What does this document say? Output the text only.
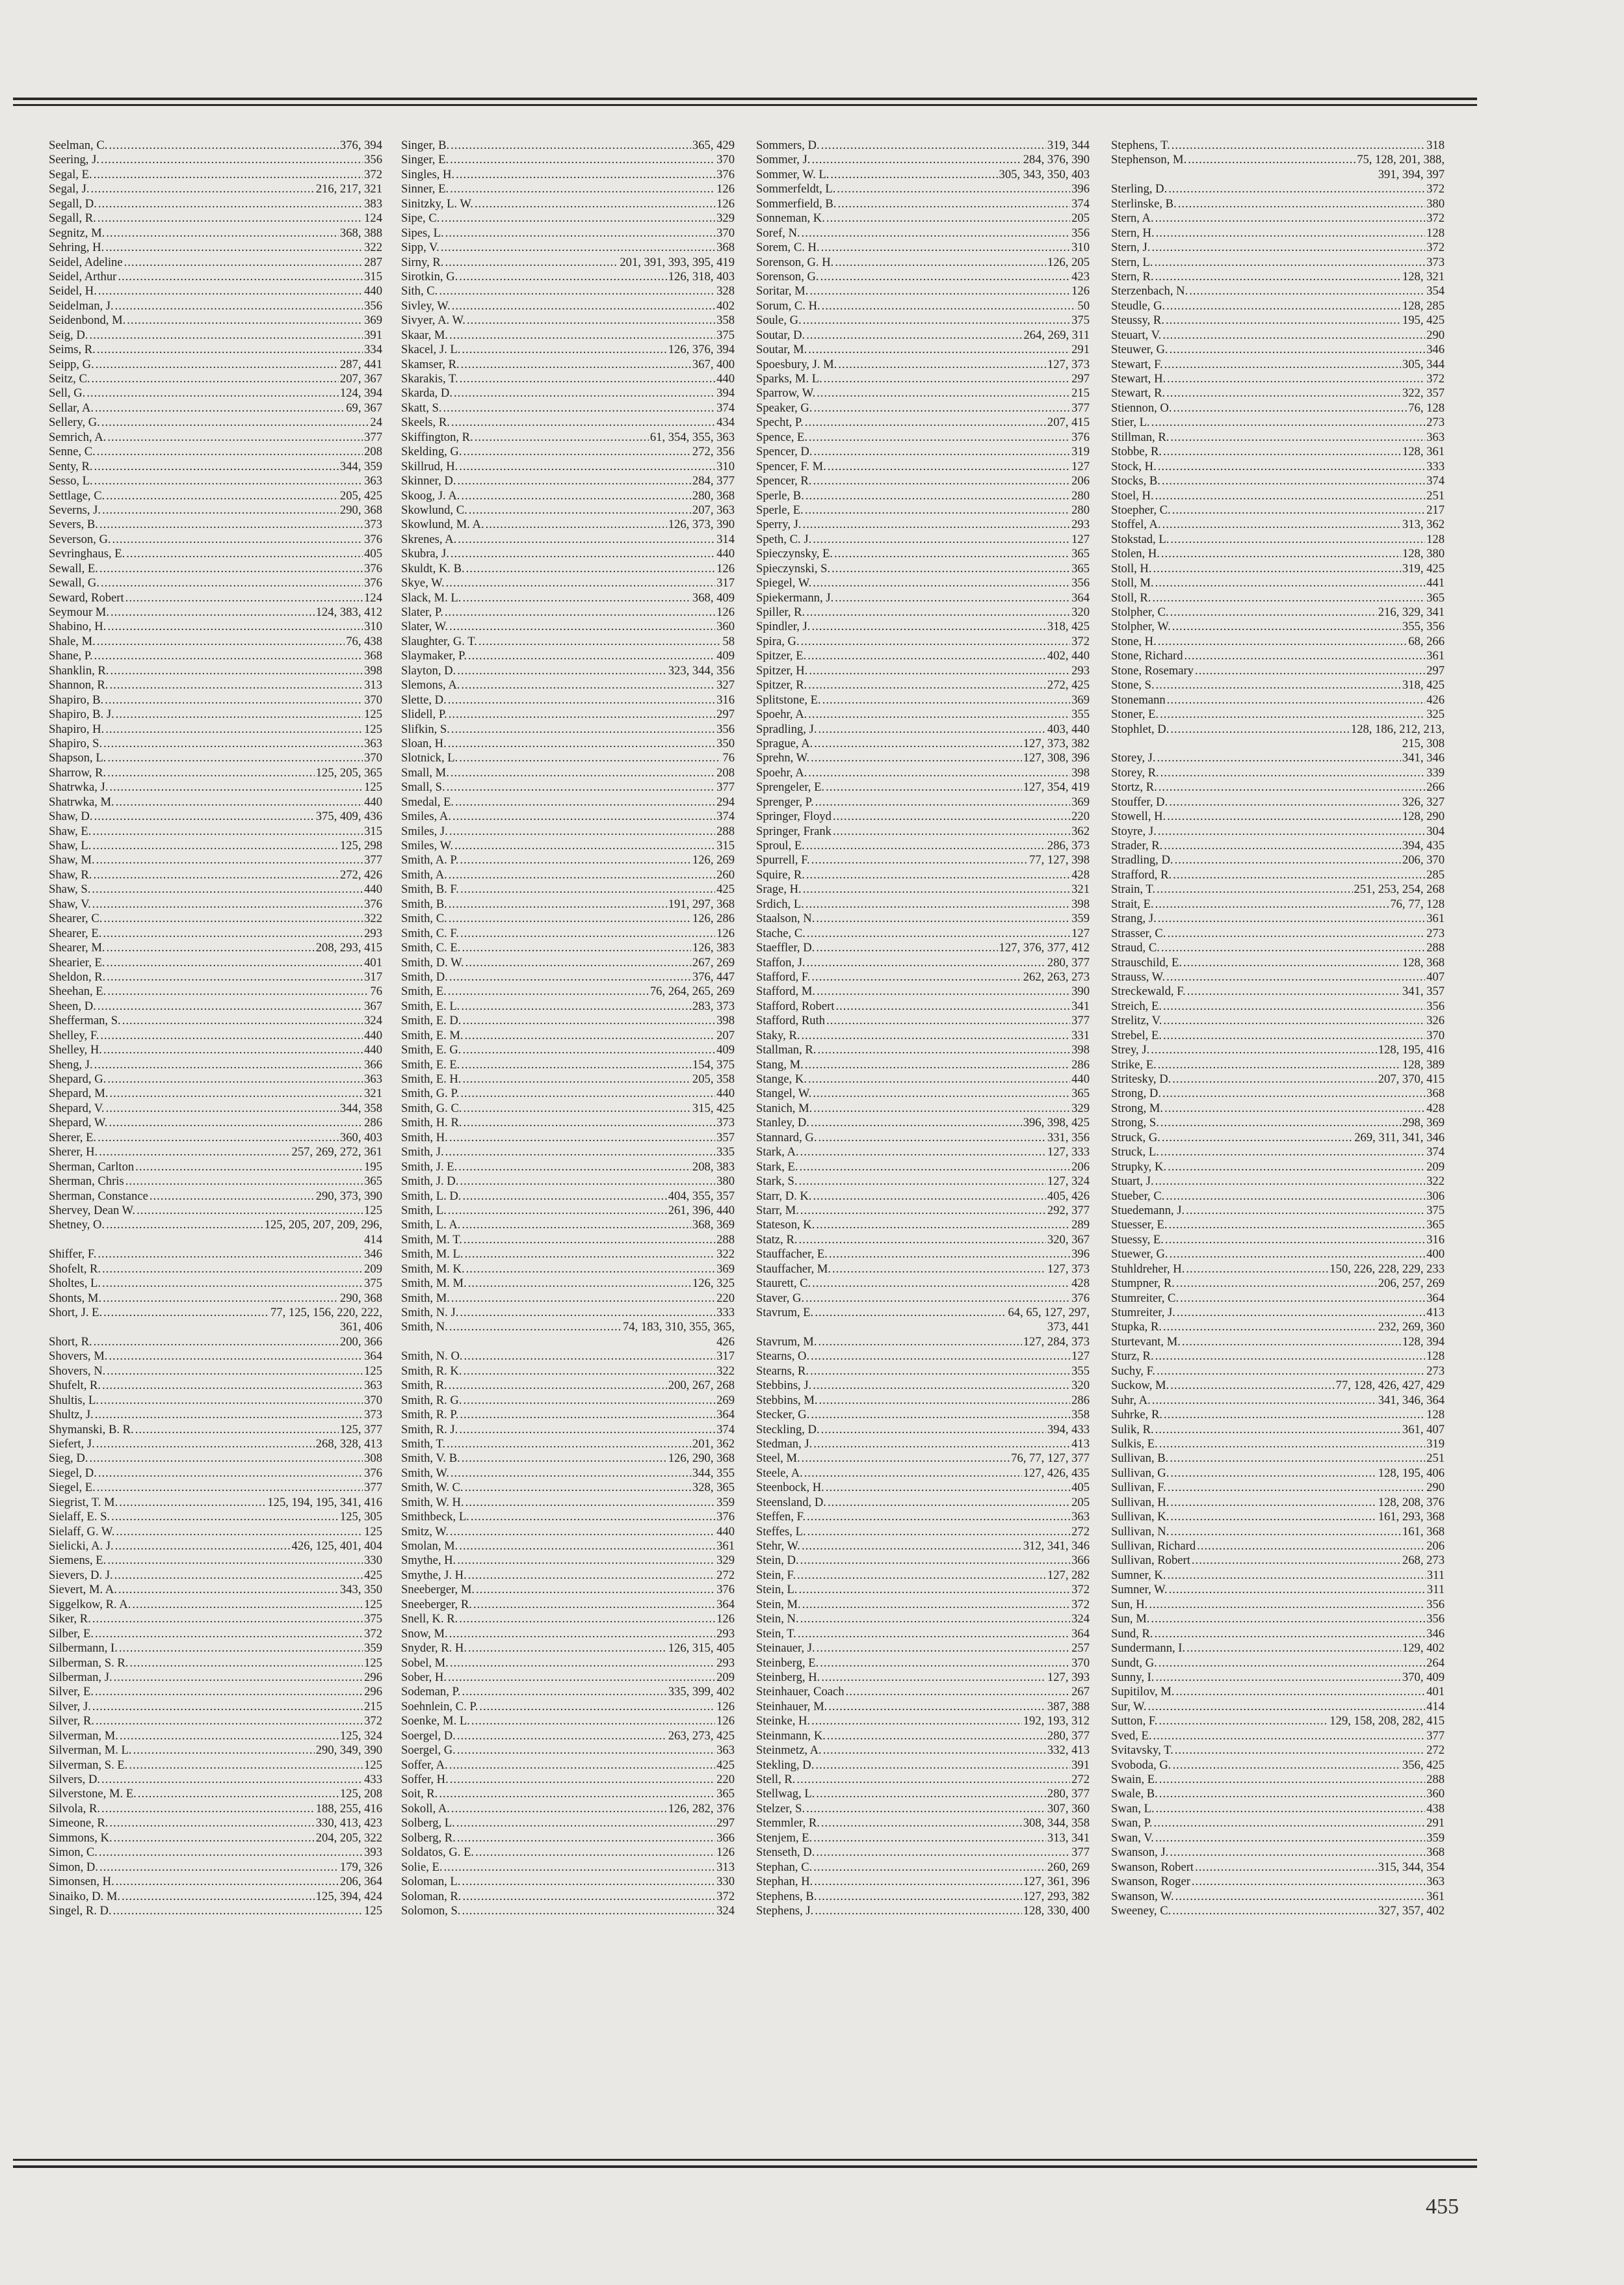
Seelman, C. .....	376, 394
Seering, J. .....	356
Segal, E. .....	372
Segal, J. .....	216, 217, 321
Segall, D. .....	383
Segall, R. .....	124
Segnitz, M. .....	368, 388
Sehring, H. .....	322
Seidel, Adeline .....	287
Seidel, Arthur .....	315
Seidel, H. .....	440
Seidelman, J. .....	356
Seidenbond, M. .....	369
Seig, D. .....	391
Seims, R. .....	334
Seipp, G. .....	287, 441
Seitz, C. .....	207, 367
Sell, G. .....	124, 394
Sellar, A. .....	69, 367
Sellery, G. .....	24
Semrich, A. .....	377
Senne, C. .....	208
Senty, R. .....	344, 359
Sesso, L. .....	363
Settlage, C. .....	205, 425
Severns, J. .....	290, 368
Severs, B. .....	373
Severson, G. .....	376
Sevringhaus, E. .....	405
Sewall, E. .....	376
Sewall, G. .....	376
Seward, Robert .....	124
Seymour M. .....	124, 383, 412
Shabino, H. .....	310
Shale, M. .....	76, 438
Shane, P. .....	368
Shanklin, R. .....	398
Shannon, R. .....	313
Shapiro, B. .....	370
Shapiro, B. J. .....	125
Shapiro, H. .....	125
Shapiro, S. .....	363
Shapson, L. .....	370
Sharrow, R. .....	125, 205, 365
Shatrwka, J. .....	125
Shatrwka, M. .....	440
Shaw, D. .....	375, 409, 436
Shaw, E. .....	315
Shaw, L. .....	125, 298
Shaw, M. .....	377
Shaw, R. .....	272, 426
Shaw, S. .....	440
Shaw, V. .....	376
Shearer, C. .....	322
Shearer, E. .....	293
Shearer, M. .....	208, 293, 415
Shearier, E. .....	401
Sheldon, R. .....	317
Sheehan, E. .....	76
Sheen, D. .....	367
Shefferman, S. .....	324
Shelley, F. .....	440
Shelley, H. .....	440
Sheng, J. .....	366
Shepard, G. .....	363
Shepard, M. .....	321
Shepard, V. .....	344, 358
Shepard, W. .....	286
Sherer, E. .....	360, 403
Sherer, H. .....	257, 269, 272, 361
Sherman, Carlton .....	195
Sherman, Chris .....	365
Sherman, Constance .....	290, 373, 390
Shervey, Dean W. .....	125
Shetney, O. .....	125, 205, 207, 209, 296,
414
Shiffer, F. .....	346
Shofelt, R. .....	209
Sholtes, L. .....	375
Shonts, M. .....	290, 368
Short, J. E. .....	77, 125, 156, 220, 222,
361, 406
Short, R. .....	200, 366
Shovers, M. .....	364
Shovers, N. .....	125
Shufelt, R. .....	363
Shultis, L. .....	370
Shultz, J. .....	373
Shymanski, B. R. .....	125, 377
Siefert, J. .....	268, 328, 413
Sieg, D. .....	308
Siegel, D. .....	376
Siegel, E. .....	377
Siegrist, T. M. .....	125, 194, 195, 341, 416
Sielaff, E. S. .....	125, 305
Sielaff, G. W. .....	125
Sielicki, A. J. .....	426, 125, 401, 404
Siemens, E. .....	330
Sievers, D. J. .....	425
Sievert, M. A. .....	343, 350
Siggelkow, R. A. .....	125
Siker, R. .....	375
Silber, E. .....	372
Silbermann, I. .....	359
Silberman, S. R. .....	125
Silberman, J. .....	296
Silver, E. .....	296
Silver, J. .....	215
Silver, R. .....	372
Silverman, M. .....	125, 324
Silverman, M. L. .....	290, 349, 390
Silverman, S. E. .....	125
Silvers, D. .....	433
Silverstone, M. E. .....	125, 208
Silvola, R. .....	188, 255, 416
Simeone, R. .....	330, 413, 423
Simmons, K. .....	204, 205, 322
Simon, C. .....	393
Simon, D. .....	179, 326
Simonsen, H. .....	206, 364
Sinaiko, D. M. .....	125, 394, 424
Singel, R. D. .....	125
Singer, B. .....	365, 429
Singer, E. .....	370
Singles, H. .....	376
Sinner, E. .....	126
Sinitzky, L. W. .....	126
Sipe, C. .....	329
Sipes, L. .....	370
Sipp, V. .....	368
Sirny, R. .....	201, 391, 393, 395, 419
Sirotkin, G. .....	126, 318, 403
Sith, C. .....	328
Sivley, W. .....	402
Sivyer, A. W. .....	358
Skaar, M. .....	375
Skacel, J. L. .....	126, 376, 394
Skamser, R. .....	367, 400
Skarakis, T. .....	440
Skarda, D. .....	394
Skatt, S. .....	374
Skeels, R. .....	434
Skiffington, R. .....	61, 354, 355, 363
Skelding, G. .....	272, 356
Skillrud, H. .....	310
Skinner, D. .....	284, 377
Skoog, J. A. .....	280, 368
Skowlund, C. .....	207, 363
Skowlund, M. A. .....	126, 373, 390
Skrenes, A. .....	314
Skubra, J. .....	440
Skuldt, K. B. .....	126
Skye, W. .....	317
Slack, M. L. .....	368, 409
Slater, P. .....	126
Slater, W. .....	360
Slaughter, G. T. .....	58
Slaymaker, P. .....	409
Slayton, D. .....	323, 344, 356
Slemons, A. .....	327
Slette, D. .....	316
Slidell, P. .....	297
Slifkin, S. .....	356
Sloan, H. .....	350
Slotnick, L. .....	76
Small, M. .....	208
Small, S. .....	377
Smedal, E. .....	294
Smiles, A. .....	374
Smiles, J. .....	288
Smiles, W. .....	315
Smith, A. P. .....	126, 269
Smith, A. .....	260
Smith, B. F. .....	425
Smith, B. .....	191, 297, 368
Smith, C. .....	126, 286
Smith, C. F. .....	126
Smith, C. E. .....	126, 383
Smith, D. W. .....	267, 269
Smith, D. .....	376, 447
Smith, E. .....	76, 264, 265, 269
Smith, E. L. .....	283, 373
Smith, E. D. .....	398
Smith, E. M. .....	207
Smith, E. G. .....	409
Smith, E. E. .....	154, 375
Smith, E. H. .....	205, 358
Smith, G. P. .....	440
Smith, G. C. .....	315, 425
Smith, H. R. .....	373
Smith, H. .....	357
Smith, J. .....	335
Smith, J. E. .....	208, 383
Smith, J. D. .....	380
Smith, L. D. .....	404, 355, 357
Smith, L. .....	261, 396, 440
Smith, L. A. .....	368, 369
Smith, M. T. .....	288
Smith, M. L. .....	322
Smith, M. K. .....	369
Smith, M. M. .....	126, 325
Smith, M. .....	220
Smith, N. J. .....	333
Smith, N. .....	74, 183, 310, 355, 365,
426
Smith, N. O. .....	317
Smith, R. K. .....	322
Smith, R. .....	200, 267, 268
Smith, R. G. .....	269
Smith, R. P. .....	364
Smith, R. J. .....	374
Smith, T. .....	201, 362
Smith, V. B. .....	126, 290, 368
Smith, W. .....	344, 355
Smith, W. C. .....	328, 365
Smith, W. H. .....	359
Smithbeck, L. .....	376
Smitz, W. .....	440
Smolan, M. .....	361
Smythe, H. .....	329
Smythe, J. H. .....	272
Sneeberger, M. .....	376
Sneeberger, R. .....	364
Snell, K. R. .....	126
Snow, M. .....	293
Snyder, R. H. .....	126, 315, 405
Sobel, M. .....	293
Sober, H. .....	209
Sodeman, P. .....	335, 399, 402
Soehnlein, C. P. .....	126
Soenke, M. L. .....	126
Soergel, D. .....	263, 273, 425
Soergel, G. .....	363
Soffer, A. .....	425
Soffer, H. .....	220
Soit, R. .....	365
Sokoll, A. .....	126, 282, 376
Solberg, L. .....	297
Solberg, R. .....	366
Soldatos, G. E. .....	126
Solie, E. .....	313
Soloman, L. .....	330
Soloman, R. .....	372
Solomon, S. .....	324
Sommers, D. .....	319, 344
Sommer, J. .....	284, 376, 390
Sommer, W. L. .....	305, 343, 350, 403
Sommerfeldt, L. .....	396
Sommerfield, B. .....	374
Sonneman, K. .....	205
Soref, N. .....	356
Sorem, C. H. .....	310
Sorenson, G. H. .....	126, 205
Sorenson, G. .....	423
Soritar, M. .....	126
Sorum, C. H. .....	50
Soule, G. .....	375
Soutar, D. .....	264, 269, 311
Soutar, M. .....	291
Spoesbury, J. M. .....	127, 373
Sparks, M. L. .....	297
Sparrow, W. .....	215
Speaker, G. .....	377
Specht, P. .....	207, 415
Spence, E. .....	376
Spencer, D. .....	319
Spencer, F. M. .....	127
Spencer, R. .....	206
Sperle, B. .....	280
Sperle, E. .....	280
Sperry, J. .....	293
Speth, C. J. .....	127
Spieczynsky, E. .....	365
Spieczynski, S. .....	365
Spiegel, W. .....	356
Spiekermann, J. .....	364
Spiller, R. .....	320
Spindler, J. .....	318, 425
Spira, G. .....	372
Spitzer, E. .....	402, 440
Spitzer, H. .....	293
Spitzer, R. .....	272, 425
Splitstone, E. .....	369
Spoehr, A. .....	355
Spradling, J. .....	403, 440
Sprague, A. .....	127, 373, 382
Sprehn, W. .....	127, 308, 396
Spoehr, A. .....	398
Sprengeler, E. .....	127, 354, 419
Sprenger, P. .....	369
Springer, Floyd .....	220
Springer, Frank .....	362
Sproul, E. .....	286, 373
Spurrell, F. .....	77, 127, 398
Squire, R. .....	428
Srage, H. .....	321
Srdich, L. .....	398
Staalson, N. .....	359
Stache, C. .....	127
Staeffler, D. .....	127, 376, 377, 412
Staffon, J. .....	280, 377
Stafford, F. .....	262, 263, 273
Stafford, M. .....	390
Stafford, Robert .....	341
Stafford, Ruth .....	377
Staky, R. .....	331
Stallman, R. .....	398
Stang, M. .....	286
Stange, K. .....	440
Stangel, W. .....	365
Stanich, M. .....	329
Stanley, D. .....	396, 398, 425
Stannard, G. .....	331, 356
Stark, A. .....	127, 333
Stark, E. .....	206
Stark, S. .....	127, 324
Starr, D. K. .....	405, 426
Starr, M. .....	292, 377
Stateson, K. .....	289
Statz, R. .....	320, 367
Stauffacher, E. .....	396
Stauffacher, M. .....	127, 373
Staurett, C. .....	428
Staver, G. .....	376
Stavrum, E. .....	64, 65, 127, 297,
373, 441
Stavrum, M. .....	127, 284, 373
Stearns, O. .....	127
Stearns, R. .....	355
Stebbins, J. .....	320
Stebbins, M. .....	286
Stecker, G. .....	358
Steckling, D. .....	394, 433
Stedman, J. .....	413
Steel, M. .....	76, 77, 127, 377
Steele, A. .....	127, 426, 435
Steenbock, H. .....	405
Steensland, D. .....	205
Steffen, F. .....	363
Steffes, L. .....	272
Stehr, W. .....	312, 341, 346
Stein, D. .....	366
Stein, F. .....	127, 282
Stein, L. .....	372
Stein, M. .....	372
Stein, N. .....	324
Stein, T. .....	364
Steinauer, J. .....	257
Steinberg, E. .....	370
Steinberg, H. .....	127, 393
Steinhauer, Coach .....	267
Steinhauer, M. .....	387, 388
Steinke, H. .....	192, 193, 312
Steinmann, K. .....	280, 377
Steinmetz, A. .....	332, 413
Stekling, D. .....	391
Stell, R. .....	272
Stellwag, L. .....	280, 377
Stelzer, S. .....	307, 360
Stemmler, R. .....	308, 344, 358
Stenjem, E. .....	313, 341
Stenseth, D. .....	377
Stephan, C. .....	260, 269
Stephan, H. .....	127, 361, 396
Stephens, B. .....	127, 293, 382
Stephens, J. .....	128, 330, 400
Stephens, T. .....	318
Stephenson, M. .....	75, 128, 201, 388,
391, 394, 397
Sterling, D. .....	372
Sterlinske, B. .....	380
Stern, A. .....	372
Stern, H. .....	128
Stern, J. .....	372
Stern, L. .....	373
Stern, R. .....	128, 321
Sterzenbach, N. .....	354
Steudle, G. .....	128, 285
Steussy, R. .....	195, 425
Steuart, V. .....	290
Steuwer, G. .....	346
Stewart, F. .....	305, 344
Stewart, H. .....	372
Stewart, R. .....	322, 357
Stiennon, O. .....	76, 128
Stier, L. .....	273
Stillman, R. .....	363
Stobbe, R. .....	128, 361
Stock, H. .....	333
Stocks, B. .....	374
Stoel, H. .....	251
Stoepher, C. .....	217
Stoffel, A. .....	313, 362
Stokstad, L. .....	128
Stolen, H. .....	128, 380
Stoll, H. .....	319, 425
Stoll, M. .....	441
Stoll, R. .....	365
Stolpher, C. .....	216, 329, 341
Stolpher, W. .....	355, 356
Stone, H. .....	68, 266
Stone, Richard .....	361
Stone, Rosemary .....	297
Stone, S. .....	318, 425
Stonemann .....	426
Stoner, E. .....	325
Stophlet, D. .....	128, 186, 212, 213,
215, 308
Storey, J. .....	341, 346
Storey, R. .....	339
Stortz, R. .....	266
Stouffer, D. .....	326, 327
Stowell, H. .....	128, 290
Stoyre, J. .....	304
Strader, R. .....	394, 435
Stradling, D. .....	206, 370
Strafford, R. .....	285
Strain, T. .....	251, 253, 254, 268
Strait, E. .....	76, 77, 128
Strang, J. .....	361
Strasser, C. .....	273
Straud, C. .....	288
Strauschild, E. .....	128, 368
Strauss, W. .....	407
Streckewald, F. .....	341, 357
Streich, E. .....	356
Strelitz, V. .....	326
Strebel, E. .....	370
Strey, J. .....	128, 195, 416
Strike, E. .....	128, 389
Stritesky, D. .....	207, 370, 415
Strong, D. .....	368
Strong, M. .....	428
Strong, S. .....	298, 369
Struck, G. .....	269, 311, 341, 346
Struck, L. .....	374
Strupky, K. .....	209
Stuart, J. .....	322
Stueber, C. .....	306
Stuedemann, J. .....	375
Stuesser, E. .....	365
Stuessy, E. .....	316
Stuewer, G. .....	400
Stuhldreher, H. .....	150, 226, 228, 229, 233
Stumpner, R. .....	206, 257, 269
Stumreiter, C. .....	364
Stumreiter, J. .....	413
Stupka, R. .....	232, 269, 360
Sturtevant, M. .....	128, 394
Sturz, R. .....	128
Suchy, F. .....	273
Suckow, M. .....	77, 128, 426, 427, 429
Suhr, A. .....	341, 346, 364
Suhrke, R. .....	128
Sulik, R. .....	361, 407
Sulkis, E. .....	319
Sullivan, B. .....	251
Sullivan, G. .....	128, 195, 406
Sullivan, F. .....	290
Sullivan, H. .....	128, 208, 376
Sullivan, K. .....	161, 293, 368
Sullivan, N. .....	161, 368
Sullivan, Richard .....	206
Sullivan, Robert .....	268, 273
Sumner, K. .....	311
Sumner, W. .....	311
Sun, H. .....	356
Sun, M. .....	356
Sund, R. .....	346
Sundermann, I. .....	129, 402
Sundt, G. .....	264
Sunny, I. .....	370, 409
Supitilov, M. .....	401
Sur, W. .....	414
Sutton, F. .....	129, 158, 208, 282, 415
Sved, E. .....	377
Svitavsky, T. .....	272
Svoboda, G. .....	356, 425
Swain, E. .....	288
Swale, B. .....	360
Swan, L. .....	438
Swan, P. .....	291
Swan, V. .....	359
Swanson, J. .....	368
Swanson, Robert .....	315, 344, 354
Swanson, Roger .....	363
Swanson, W. .....	361
Sweeney, C. .....	327, 357, 402
455
